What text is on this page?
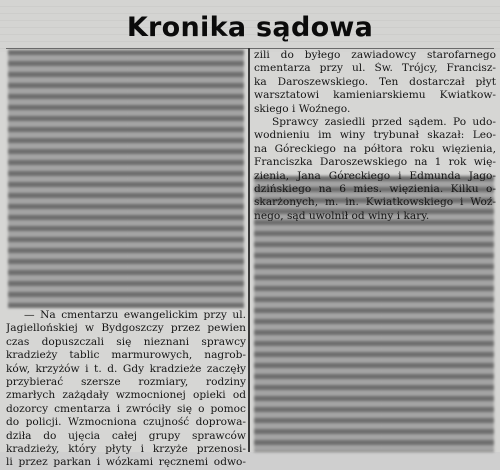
Kronika sądowa
zili do byłego zawiadowcy starofarnego
cmentarza przy ul. Św. Trójcy, Francisz-
ka Daroszewskiego. Ten dostarczał płyt
warsztatowi kamieniarskiemu Kwiatkow-
skiego i Woźnego.
Sprawcy zasiedli przed sądem. Po udo-
wodnieniu im winy trybunał skazał: Leo-
na Góreckiego na półtora roku więzienia,
Franciszka Daroszewskiego na 1 rok wię-
zienia, Jana Góreckiego i Edmunda Jago-
dzińskiego na 6 mies. więzienia. Kilku o-
skarżonych, m. in. Kwiatkowskiego i Woź-
nego, sąd uwolnił od winy i kary.
— Na cmentarzu ewangelickim przy ul.
Jagiellońskiej w Bydgoszczy przez pewien
czas dopuszczali się nieznani sprawcy
kradzieży tablic marmurowych, nagrob-
ków, krzyżów i t. d. Gdy kradzieże zaczęły
przybierać szersze rozmiary, rodziny
zmarłych zażądały wzmocnionej opieki od
dozorcy cmentarza i zwróciły się o pomoc
do policji. Wzmocniona czujność doprowa-
dziła do ujęcia całej grupy sprawców
kradzieży, który płyty i krzyże przenosi-
li przez parkan i wózkami ręcznemi odwo-
